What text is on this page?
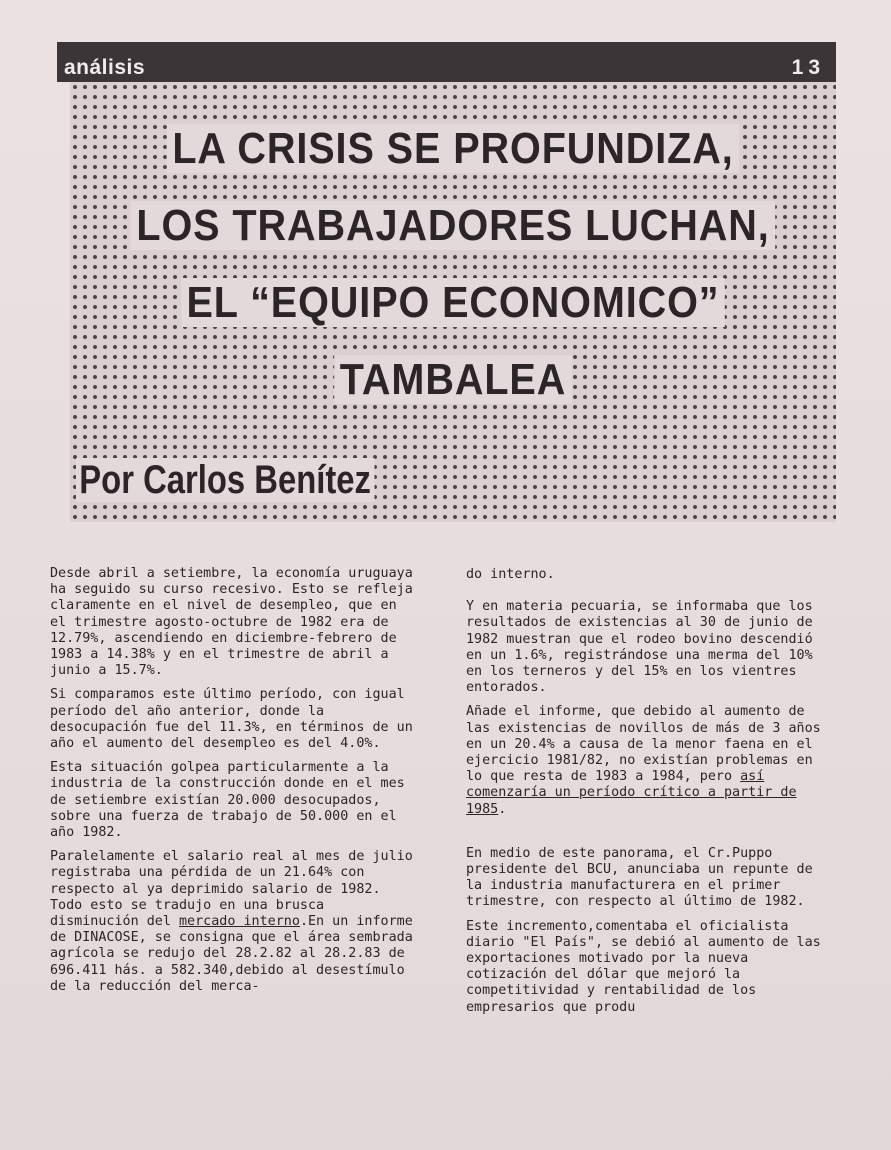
análisis	13
LA CRISIS SE PROFUNDIZA,
LOS TRABAJADORES LUCHAN,
EL “EQUIPO ECONOMICO”
TAMBALEA
Por Carlos Benítez

Desde abril a setiembre, la economía uruguaya ha seguido su curso recesivo. Esto se refleja claramente en el nivel de desempleo, que en el trimestre agosto-octubre de 1982 era de 12.79%, ascendiendo en diciembre-febrero de 1983 a 14.38% y en el trimestre de abril a junio a 15.7%.

Si comparamos este último período, con igual período del año anterior, donde la desocupación fue del 11.3%, en términos de un año el aumento del desempleo es del 4.0%.

Esta situación golpea particularmente a la industria de la construcción donde en el mes de setiembre existían 20.000 desocupados, sobre una fuerza de trabajo de 50.000 en el año 1982.

Paralelamente el salario real al mes de julio registraba una pérdida de un 21.64% con respecto al ya deprimido salario de 1982.

Todo esto se tradujo en una brusca disminución del mercado interno.En un informe de DINACOSE, se consigna que el área sembrada agrícola se redujo del 28.2.82 al 28.2.83 de 696.411 hás. a 582.340,debido al desestímulo de la reducción del merca-

do interno.

Y en materia pecuaria, se informaba que los resultados de existencias al 30 de junio de 1982 muestran que el rodeo bovino descendió en un 1.6%, registrándose una merma del 10% en los terneros y del 15% en los vientres entorados.

Añade el informe, que debido al aumento de las existencias de novillos de más de 3 años en un 20.4% a causa de la menor faena en el ejercicio 1981/82, no existían problemas en lo que resta de 1983 a 1984, pero así comenzaría un período crítico a partir de 1985.

En medio de este panorama, el Cr.Puppo presidente del BCU, anunciaba un repunte de la industria manufacturera en el primer trimestre, con respecto al último de 1982.

Este incremento,comentaba el oficialista diario "El País", se debió al aumento de las exportaciones motivado por la nueva cotización del dólar que mejoró la competitividad y rentabilidad de los empresarios que produ
